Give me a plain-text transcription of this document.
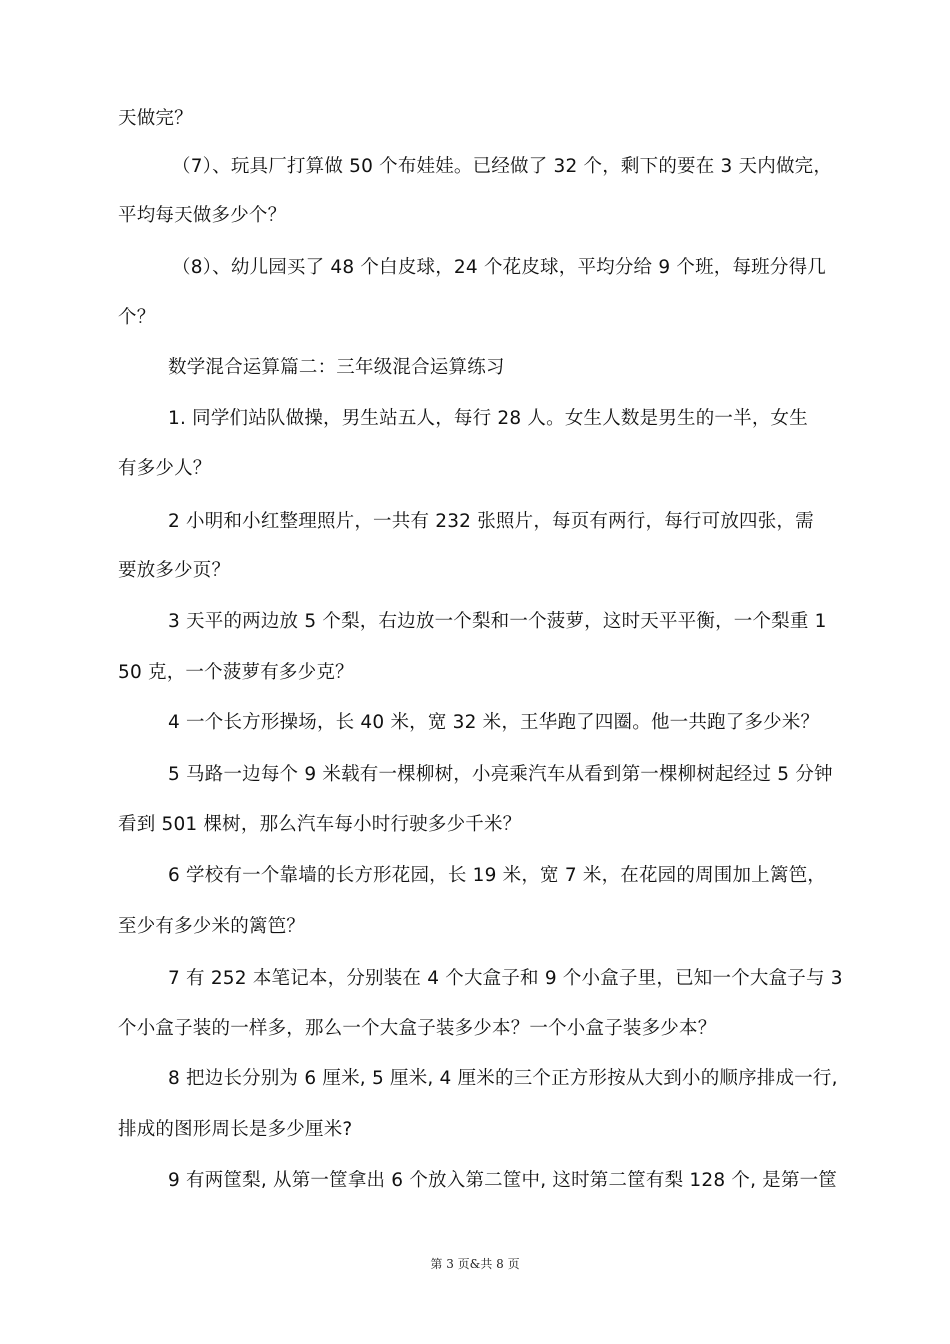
天做完？
（7）、玩具厂打算做 50 个布娃娃。已经做了 32 个，剩下的要在 3 天内做完，
平均每天做多少个？
（8）、幼儿园买了 48 个白皮球，24 个花皮球，平均分给 9 个班，每班分得几
个？
数学混合运算篇二：三年级混合运算练习
1. 同学们站队做操，男生站五人，每行 28 人。女生人数是男生的一半，女生
有多少人？
2 小明和小红整理照片，一共有 232 张照片，每页有两行，每行可放四张，需
要放多少页？
3 天平的两边放 5 个梨，右边放一个梨和一个菠萝，这时天平平衡，一个梨重 1
50 克，一个菠萝有多少克？
4 一个长方形操场，长 40 米，宽 32 米，王华跑了四圈。他一共跑了多少米？
5 马路一边每个 9 米载有一棵柳树，小亮乘汽车从看到第一棵柳树起经过 5 分钟
看到 501 棵树，那么汽车每小时行驶多少千米？
6 学校有一个靠墙的长方形花园，长 19 米，宽 7 米，在花园的周围加上篱笆，
至少有多少米的篱笆？
7 有 252 本笔记本，分别装在 4 个大盒子和 9 个小盒子里，已知一个大盒子与 3
个小盒子装的一样多，那么一个大盒子装多少本？一个小盒子装多少本？
8 把边长分别为 6 厘米, 5 厘米, 4 厘米的三个正方形按从大到小的顺序排成一行,
排成的图形周长是多少厘米?
9 有两筐梨, 从第一筐拿出 6 个放入第二筐中, 这时第二筐有梨 128 个, 是第一筐
第 3 页&共 8 页
